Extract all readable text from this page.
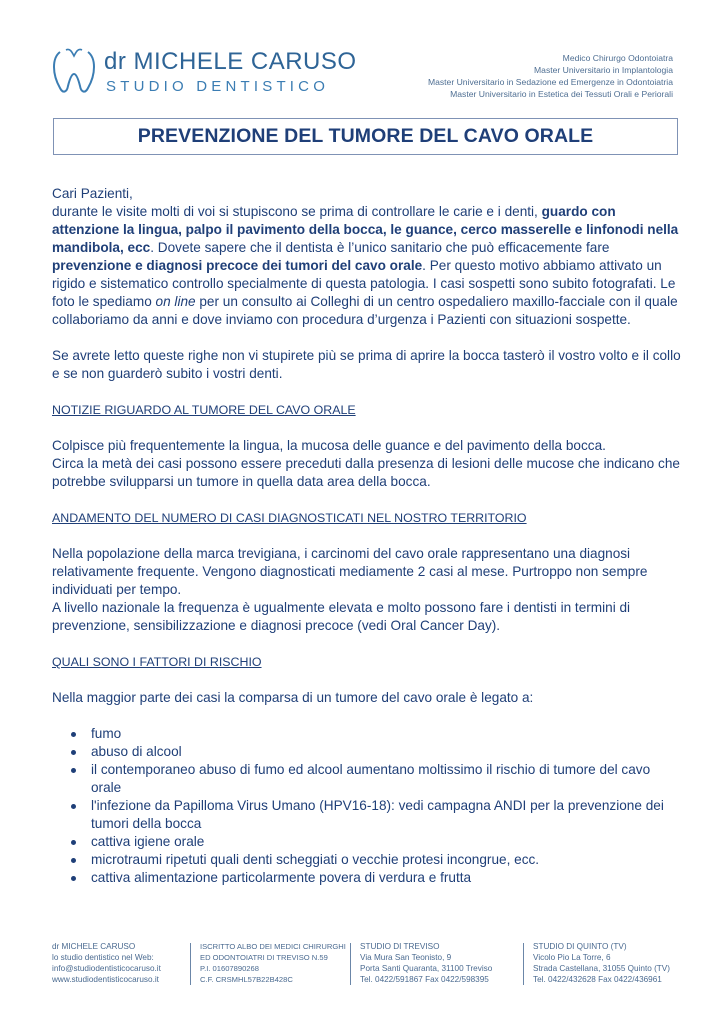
dr MICHELE CARUSO
STUDIO DENTISTICO
Medico Chirurgo Odontoiatra
Master Universitario in Implantologia
Master Universitario in Sedazione ed Emergenze in Odontoiatria
Master Universitario in Estetica dei Tessuti Orali e Periorali
PREVENZIONE DEL TUMORE DEL CAVO ORALE

Cari Pazienti,

durante le visite molti di voi si stupiscono se prima di controllare le carie e i denti, guardo con attenzione la lingua, palpo il pavimento della bocca, le guance, cerco masserelle e linfonodi nella mandibola, ecc. Dovete sapere che il dentista è l’unico sanitario che può efficacemente fare prevenzione e diagnosi precoce dei tumori del cavo orale. Per questo motivo abbiamo attivato un rigido e sistematico controllo specialmente di questa patologia. I casi sospetti sono subito fotografati. Le foto le spediamo on line per un consulto ai Colleghi di un centro ospedaliero maxillo-facciale con il quale collaboriamo da anni e dove inviamo con procedura d’urgenza i Pazienti con situazioni sospette.

Se avrete letto queste righe non vi stupirete più se prima di aprire la bocca tasterò il vostro volto e il collo e se non guarderò subito i vostri denti.

NOTIZIE RIGUARDO AL TUMORE DEL CAVO ORALE

Colpisce più frequentemente la lingua, la mucosa delle guance e del pavimento della bocca.

Circa la metà dei casi possono essere preceduti dalla presenza di lesioni delle mucose che indicano che potrebbe svilupparsi un tumore in quella data area della bocca.

ANDAMENTO DEL NUMERO DI CASI DIAGNOSTICATI NEL NOSTRO TERRITORIO

Nella popolazione della marca trevigiana, i carcinomi del cavo orale rappresentano una diagnosi relativamente frequente. Vengono diagnosticati mediamente 2 casi al mese. Purtroppo non sempre individuati per tempo.

A livello nazionale la frequenza è ugualmente elevata e molto possono fare i dentisti in termini di prevenzione, sensibilizzazione e diagnosi precoce (vedi Oral Cancer Day).

QUALI SONO I FATTORI DI RISCHIO

Nella maggior parte dei casi la comparsa di un tumore del cavo orale è legato a:

fumo
abuso di alcool
il contemporaneo abuso di fumo ed alcool aumentano moltissimo il rischio di tumore del cavo orale
l'infezione da Papilloma Virus Umano (HPV16-18): vedi campagna ANDI per la prevenzione dei tumori della bocca
cattiva igiene orale
microtraumi ripetuti quali denti scheggiati o vecchie protesi incongrue, ecc.
cattiva alimentazione particolarmente povera di verdura e frutta
dr MICHELE CARUSO
lo studio dentistico nel Web:
info@studiodentisticocaruso.it
www.studiodentisticocaruso.it
ISCRITTO ALBO DEI MEDICI CHIRURGHI
ED ODONTOIATRI DI TREVISO N.59
P.I. 01607890268
C.F. CRSMHL57B22B428C
STUDIO DI TREVISO
Via Mura San Teonisto, 9
Porta Santi Quaranta, 31100 Treviso
Tel. 0422/591867 Fax 0422/598395
STUDIO DI QUINTO (TV)
Vicolo Pio La Torre, 6
Strada Castellana, 31055 Quinto (TV)
Tel. 0422/432628 Fax 0422/436961
